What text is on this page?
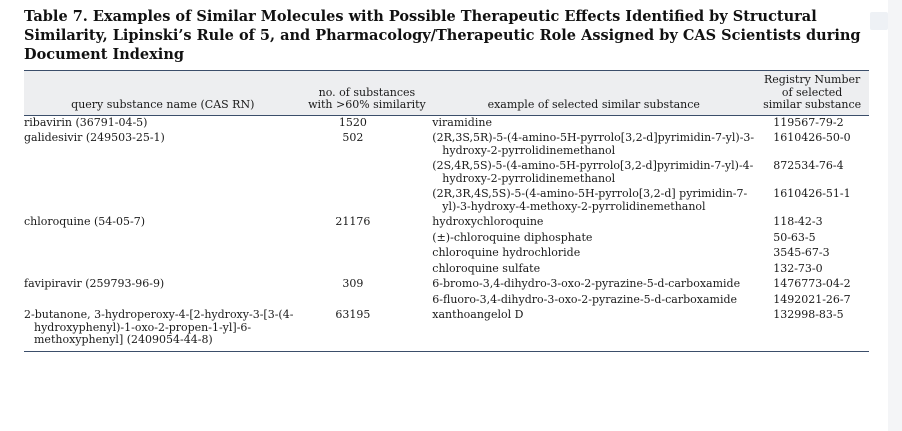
Table 7. Examples of Similar Molecules with Possible Therapeutic Effects Identified by Structural Similarity, Lipinski’s Rule of 5, and Pharmacology/Therapeutic Role Assigned by CAS Scientists during Document Indexing
query substance name (CAS RN)	no. of substances with >60% similarity	example of selected similar substance	Registry Number of selected similar substance

ribavirin (36791-04-5)	1520	viramidine	119567-79-2

galidesivir (249503-25-1)	502	(2R,3S,5R)-5-(4-amino-5H-pyrrolo[3,2-d]pyrimidin-7-yl)-3-hydroxy-2-pyrrolidinemethanol	1610426-50-0

		(2S,4R,5S)-5-(4-amino-5H-pyrrolo[3,2-d]pyrimidin-7-yl)-4-hydroxy-2-pyrrolidinemethanol	872534-76-4

		(2R,3R,4S,5S)-5-(4-amino-5H-pyrrolo[3,2-d] pyrimidin-7-yl)-3-hydroxy-4-methoxy-2-pyrrolidinemethanol	1610426-51-1

chloroquine (54-05-7)	21176	hydroxychloroquine	118-42-3

		(±)-chloroquine diphosphate	50-63-5

		chloroquine hydrochloride	3545-67-3

		chloroquine sulfate	132-73-0

favipiravir (259793-96-9)	309	6-bromo-3,4-dihydro-3-oxo-2-pyrazine-5-d-carboxamide	1476773-04-2

		6-fluoro-3,4-dihydro-3-oxo-2-pyrazine-5-d-carboxamide	1492021-26-7

2-butanone, 3-hydroperoxy-4-[2-hydroxy-3-[3-(4-hydroxyphenyl)-1-oxo-2-propen-1-yl]-6-methoxyphenyl] (2409054-44-8)	63195	xanthoangelol D	132998-83-5
